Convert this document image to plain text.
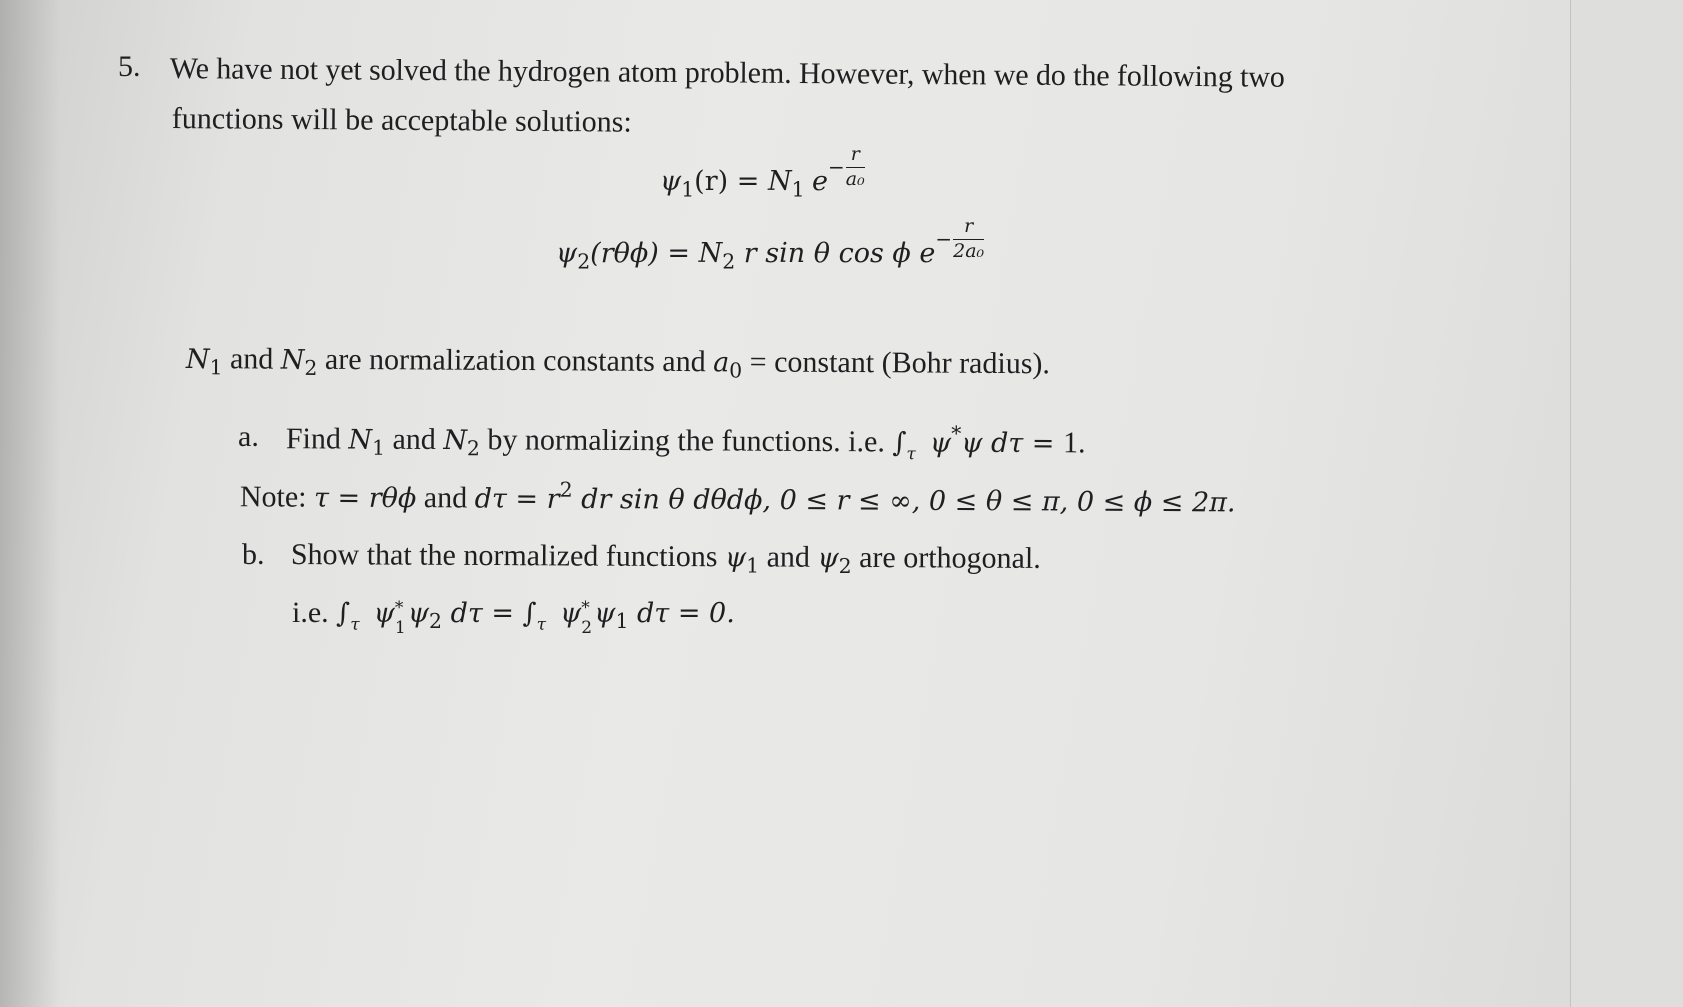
5. We have not yet solved the hydrogen atom problem. However, when we do the following two
functions will be acceptable solutions:
$\psi_1(r) = N_1$ $e- \frac{r}{\text{a₀}}$
$\psi_2(r\theta\phi) = N_2$ r sin θ cos ϕ $e- \frac{r}{\text{2a₀}}$
$N_1$ and $N_2$ are normalization constants and $a_0$ = constant (Bohr radius).
a. Find $N_1$ and $N_2$ by normalizing the functions. i.e. $\int_\tau$ ψ*ψ dτ = 1.
Note: τ = rθϕ and $d\tau = r^2$ dr sin θ dθdϕ, 0 ≤ r ≤ ∞, 0 ≤ θ ≤ π, 0 ≤ ϕ ≤ 2π.
b. Show that the normalized functions $\psi_1$ and $\psi_2$ are orthogonal.
i.e. $\int_\tau$ ψ *
1 $\psi_2$ $d\tau = \int_\tau$ ψ *
2 $\psi_1$ dτ = 0.
